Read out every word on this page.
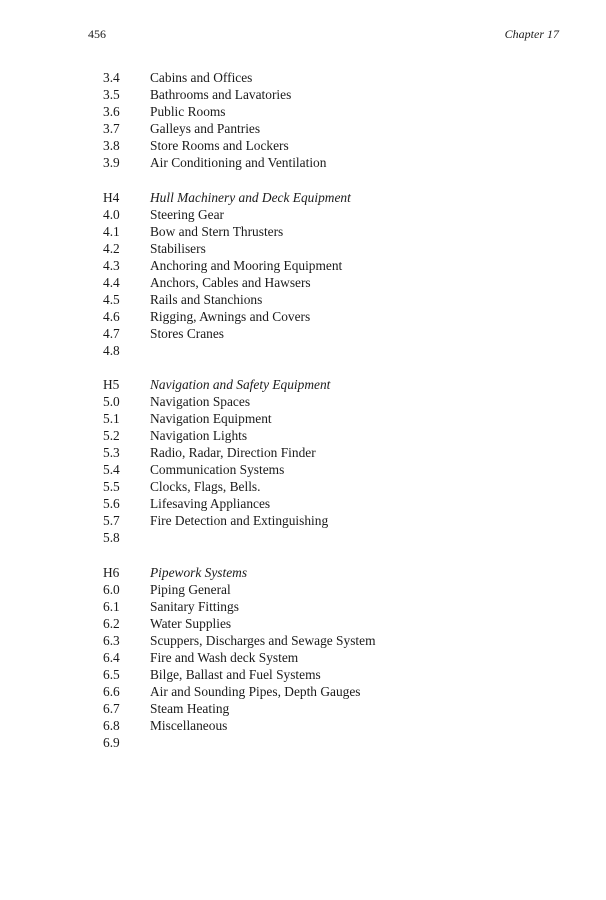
456	Chapter 17
3.4	Cabins and Offices
3.5	Bathrooms and Lavatories
3.6	Public Rooms
3.7	Galleys and Pantries
3.8	Store Rooms and Lockers
3.9	Air Conditioning and Ventilation
H4	Hull Machinery and Deck Equipment
4.0	Steering Gear
4.1	Bow and Stern Thrusters
4.2	Stabilisers
4.3	Anchoring and Mooring Equipment
4.4	Anchors, Cables and Hawsers
4.5	Rails and Stanchions
4.6	Rigging, Awnings and Covers
4.7	Stores Cranes
4.8
H5	Navigation and Safety Equipment
5.0	Navigation Spaces
5.1	Navigation Equipment
5.2	Navigation Lights
5.3	Radio, Radar, Direction Finder
5.4	Communication Systems
5.5	Clocks, Flags, Bells.
5.6	Lifesaving Appliances
5.7	Fire Detection and Extinguishing
5.8
H6	Pipework Systems
6.0	Piping General
6.1	Sanitary Fittings
6.2	Water Supplies
6.3	Scuppers, Discharges and Sewage System
6.4	Fire and Wash deck System
6.5	Bilge, Ballast and Fuel Systems
6.6	Air and Sounding Pipes, Depth Gauges
6.7	Steam Heating
6.8	Miscellaneous
6.9
